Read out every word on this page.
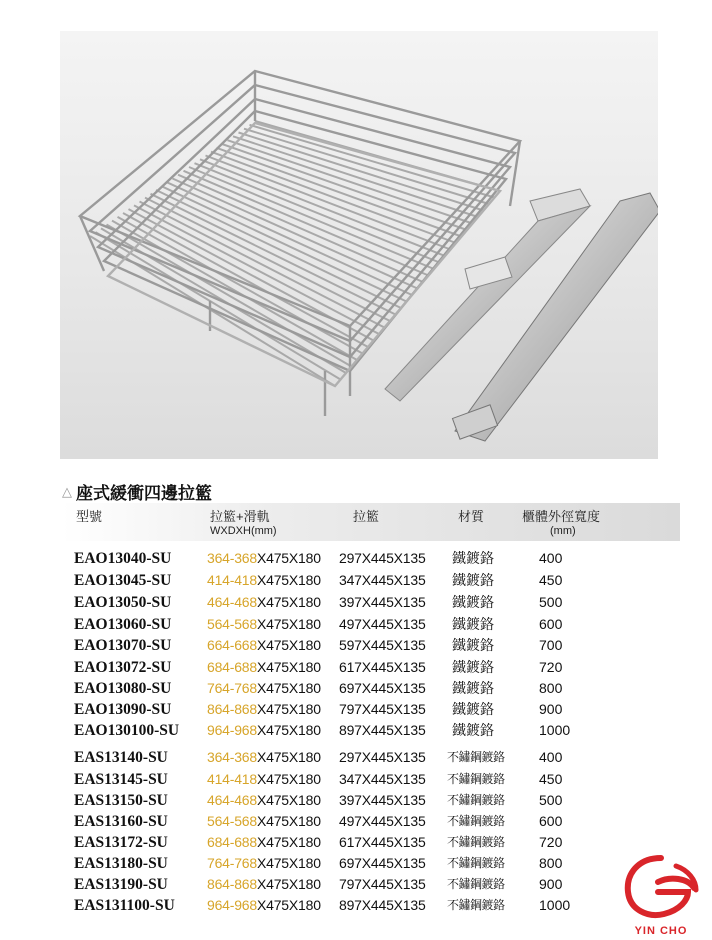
△ 座式緩衝四邊拉籃
型號	拉籃+滑軌
WXDXH(mm)
拉籃	材質	櫃體外徑寬度
(mm)
EAO13040-SU	364-368X475X180 297X445X135 鐵鍍鉻	400
EAO13045-SU	414-418X475X180 347X445X135 鐵鍍鉻	450
EAO13050-SU	464-468X475X180 397X445X135 鐵鍍鉻	500
EAO13060-SU	564-568X475X180 497X445X135 鐵鍍鉻	600
EAO13070-SU	664-668X475X180 597X445X135 鐵鍍鉻	700
EAO13072-SU	684-688X475X180 617X445X135 鐵鍍鉻	720
EAO13080-SU	764-768X475X180 697X445X135 鐵鍍鉻	800
EAO13090-SU	864-868X475X180 797X445X135 鐵鍍鉻	900
EAO130100-SU 964-968X475X180 897X445X135 鐵鍍鉻	1000
EAS13140-SU	364-368X475X180 297X445X135 不鏽鋼鍍鉻 400
EAS13145-SU	414-418X475X180 347X445X135 不鏽鋼鍍鉻 450
EAS13150-SU	464-468X475X180 397X445X135 不鏽鋼鍍鉻 500
EAS13160-SU	564-568X475X180 497X445X135 不鏽鋼鍍鉻 600
EAS13172-SU	684-688X475X180 617X445X135 不鏽鋼鍍鉻 720
EAS13180-SU	764-768X475X180 697X445X135 不鏽鋼鍍鉻 800
EAS13190-SU	864-868X475X180 797X445X135 不鏽鋼鍍鉻 900
EAS131100-SU 964-968X475X180 897X445X135 不鏽鋼鍍鉻 1000
YIN CHO
